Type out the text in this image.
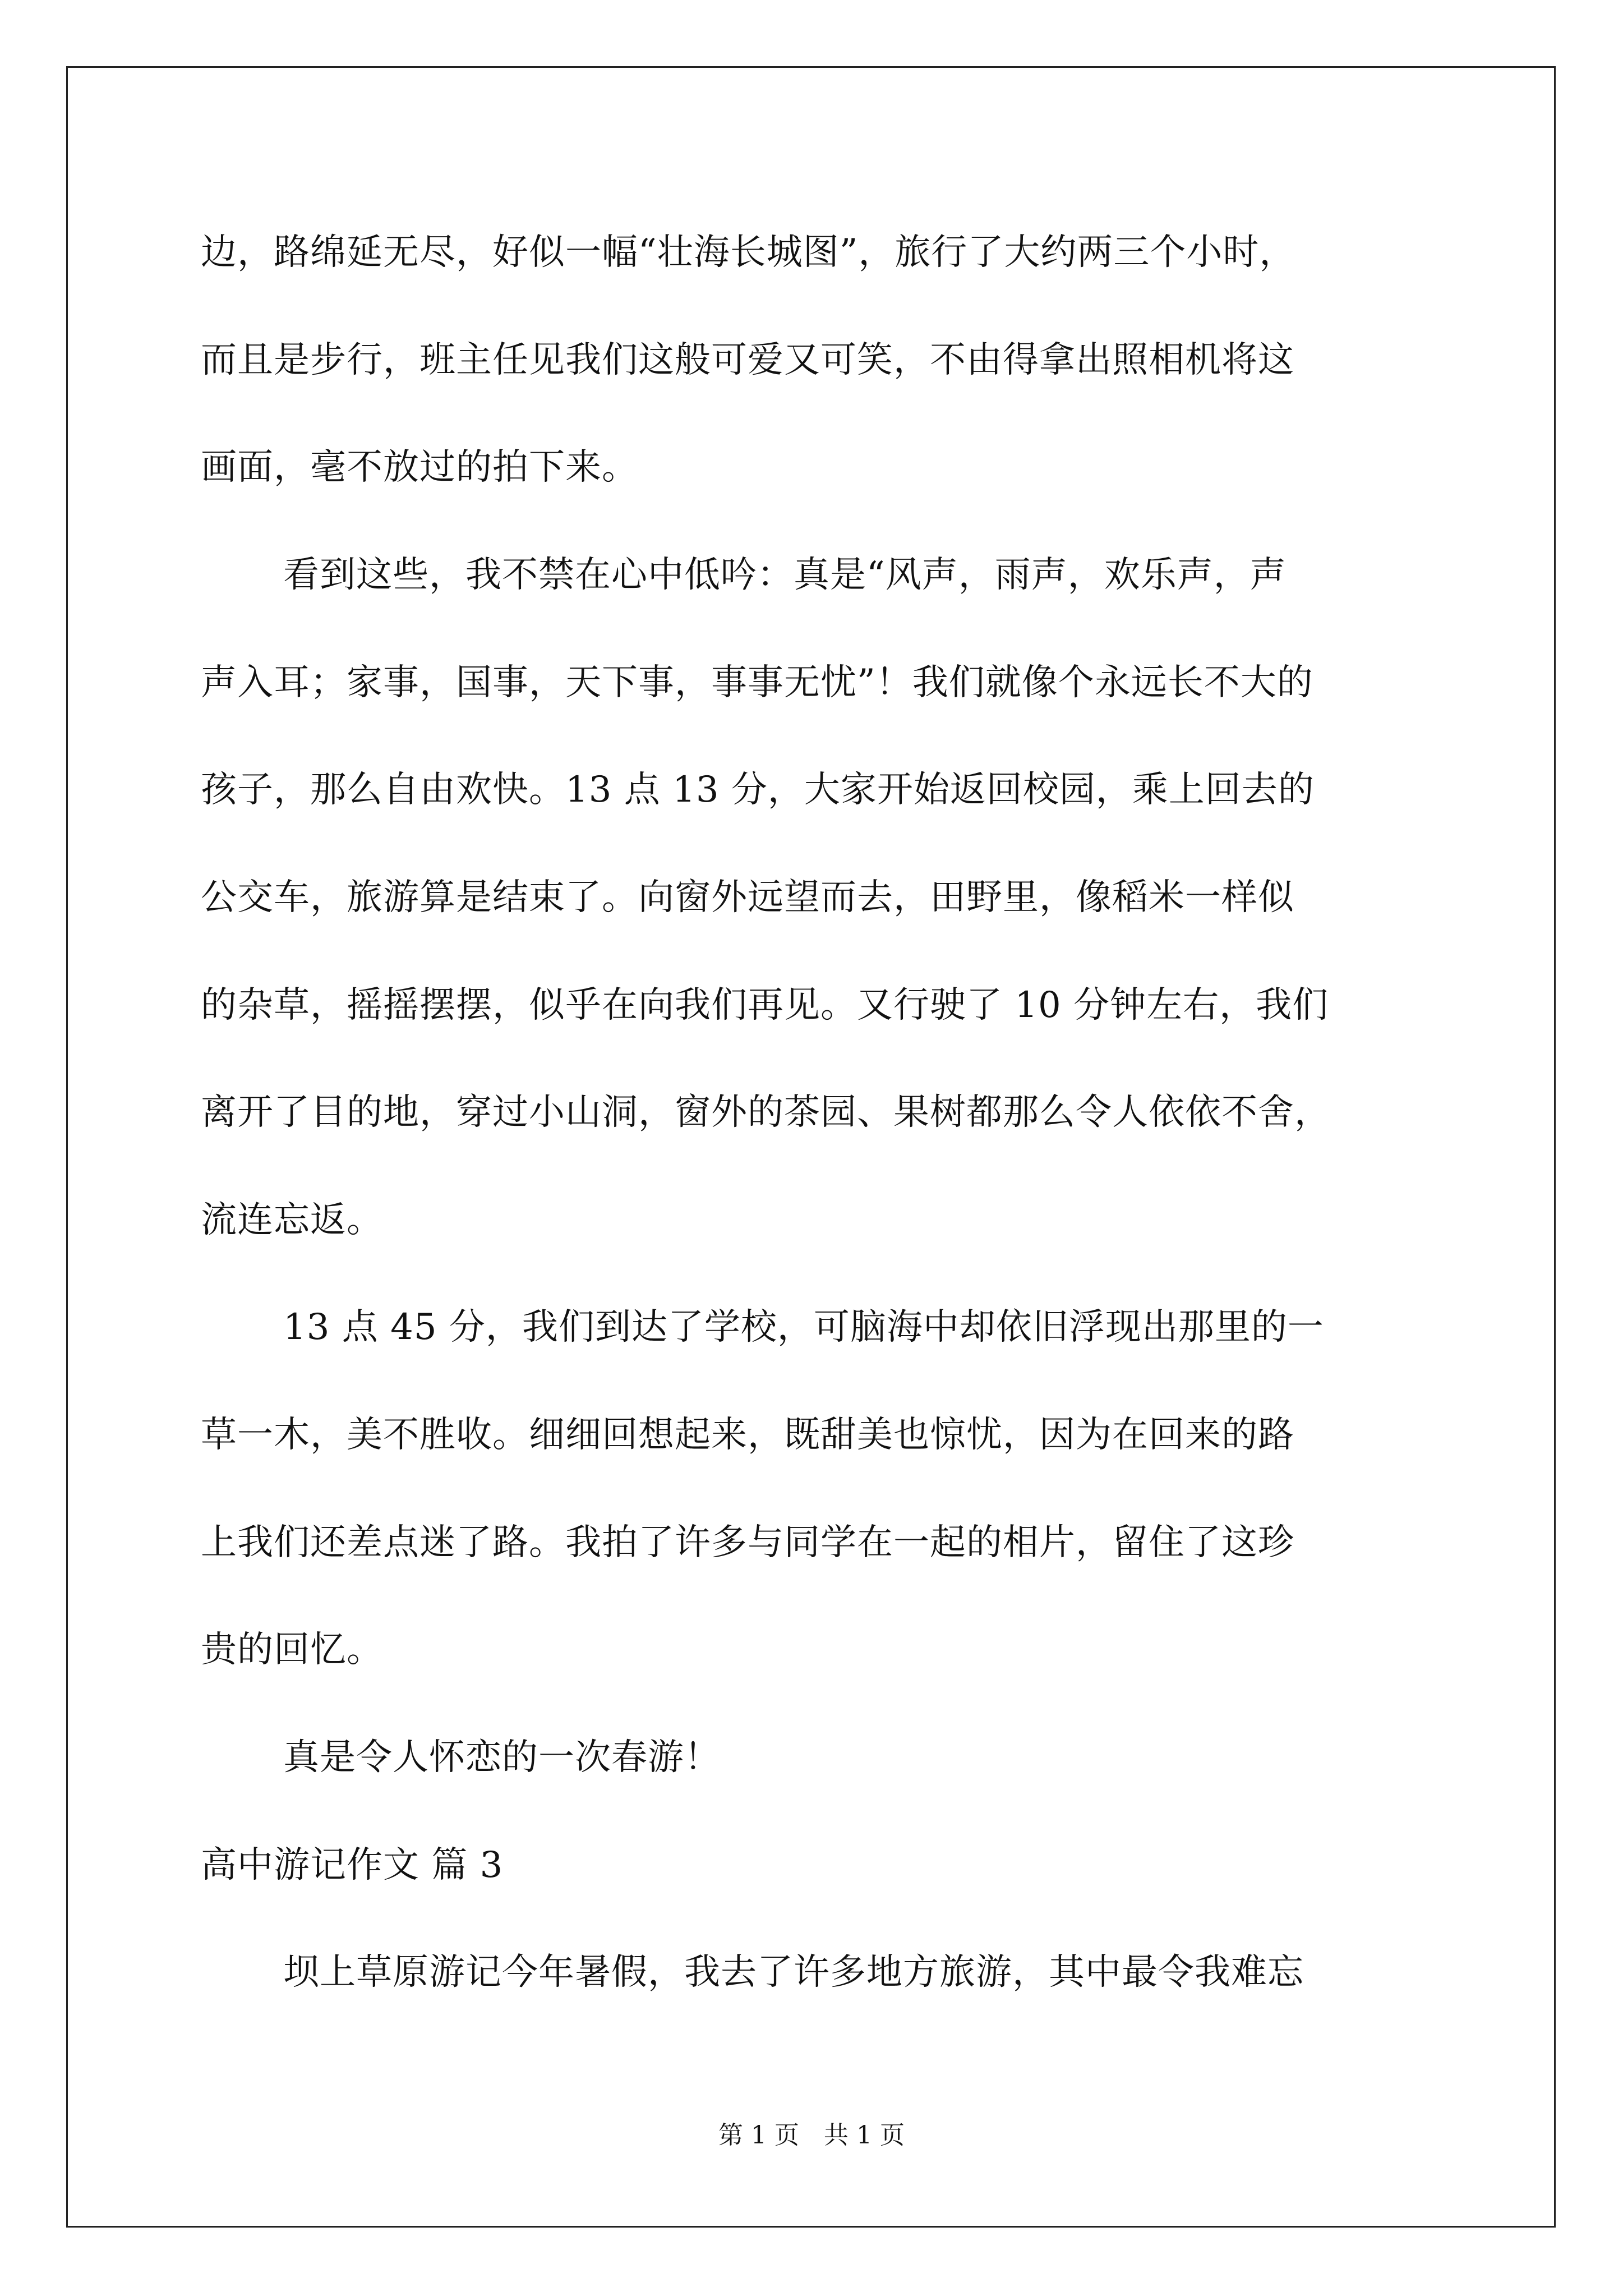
边，路绵延无尽，好似一幅“壮海长城图”，旅行了大约两三个小时，
而且是步行，班主任见我们这般可爱又可笑，不由得拿出照相机将这
画面，毫不放过的拍下来。
看到这些，我不禁在心中低吟：真是“风声，雨声，欢乐声，声
声入耳；家事，国事，天下事，事事无忧”！我们就像个永远长不大的
孩子，那么自由欢快。13 点 13 分，大家开始返回校园，乘上回去的
公交车，旅游算是结束了。向窗外远望而去，田野里，像稻米一样似
的杂草，摇摇摆摆，似乎在向我们再见。又行驶了 10 分钟左右，我们
离开了目的地，穿过小山洞，窗外的茶园、果树都那么令人依依不舍，
流连忘返。
13 点 45 分，我们到达了学校，可脑海中却依旧浮现出那里的一
草一木，美不胜收。细细回想起来，既甜美也惊忧，因为在回来的路
上我们还差点迷了路。我拍了许多与同学在一起的相片，留住了这珍
贵的回忆。
真是令人怀恋的一次春游！
高中游记作文 篇 3
坝上草原游记今年暑假，我去了许多地方旅游，其中最令我难忘
第 1 页　共 1 页
